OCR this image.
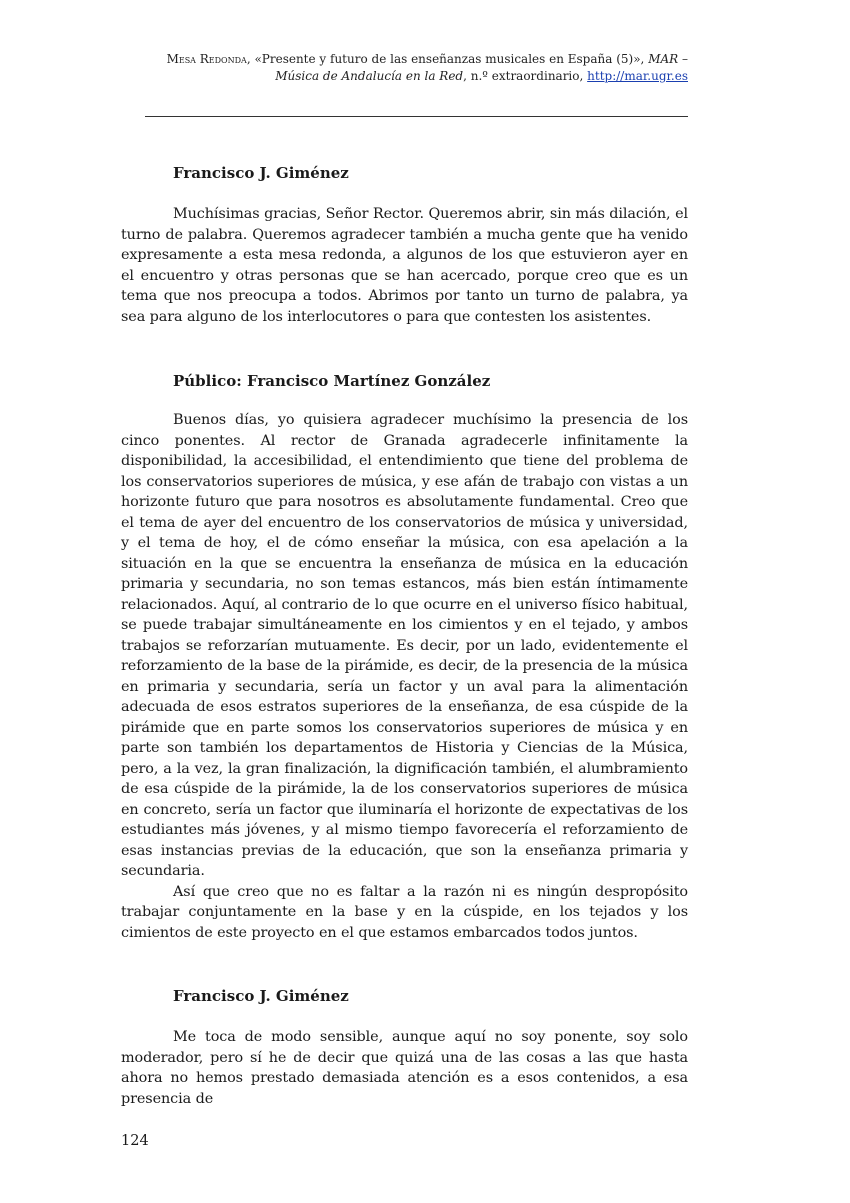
Mesa Redonda, «Presente y futuro de las enseñanzas musicales en España (5)», MAR – Música de Andalucía en la Red, n.º extraordinario, http://mar.ugr.es

Francisco J. Giménez

Muchísimas gracias, Señor Rector. Queremos abrir, sin más dilación, el turno de palabra. Queremos agradecer también a mucha gente que ha venido expresamente a esta mesa redonda, a algunos de los que estuvieron ayer en el encuentro y otras personas que se han acercado, porque creo que es un tema que nos preocupa a todos. Abrimos por tanto un turno de palabra, ya sea para alguno de los interlocutores o para que contesten los asistentes.

Público: Francisco Martínez González

Buenos días, yo quisiera agradecer muchísimo la presencia de los cinco ponentes. Al rector de Granada agradecerle infinitamente la disponibilidad, la accesibilidad, el entendimiento que tiene del problema de los conservatorios superiores de música, y ese afán de trabajo con vistas a un horizonte futuro que para nosotros es absolutamente fundamental. Creo que el tema de ayer del encuentro de los conservatorios de música y universidad, y el tema de hoy, el de cómo enseñar la música, con esa apelación a la situación en la que se encuentra la enseñanza de música en la educación primaria y secundaria, no son temas estancos, más bien están íntimamente relacionados. Aquí, al contrario de lo que ocurre en el universo físico habitual, se puede trabajar simultáneamente en los cimientos y en el tejado, y ambos trabajos se reforzarían mutuamente. Es decir, por un lado, evidentemente el reforzamiento de la base de la pirámide, es decir, de la presencia de la música en primaria y secundaria, sería un factor y un aval para la alimentación adecuada de esos estratos superiores de la enseñanza, de esa cúspide de la pirámide que en parte somos los conservatorios superiores de música y en parte son también los departamentos de Historia y Ciencias de la Música, pero, a la vez, la gran finalización, la dignificación también, el alumbramiento de esa cúspide de la pirámide, la de los conservatorios superiores de música en concreto, sería un factor que iluminaría el horizonte de expectativas de los estudiantes más jóvenes, y al mismo tiempo favorecería el reforzamiento de esas instancias previas de la educación, que son la enseñanza primaria y secundaria.

Así que creo que no es faltar a la razón ni es ningún despropósito trabajar conjuntamente en la base y en la cúspide, en los tejados y los cimientos de este proyecto en el que estamos embarcados todos juntos.

Francisco J. Giménez

Me toca de modo sensible, aunque aquí no soy ponente, soy solo moderador, pero sí he de decir que quizá una de las cosas a las que hasta ahora no hemos prestado demasiada atención es a esos contenidos, a esa presencia de

124
